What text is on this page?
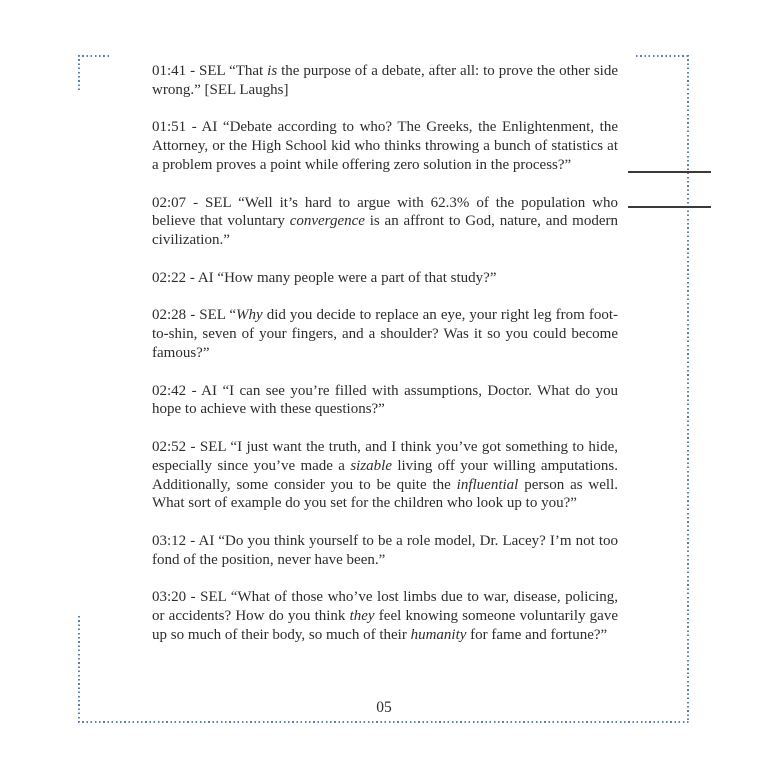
01:41 - SEL “That is the purpose of a debate, after all: to prove the other side wrong.” [SEL Laughs]

01:51 - AI “Debate according to who? The Greeks, the Enlightenment, the Attorney, or the High School kid who thinks throwing a bunch of statistics at a problem proves a point while offering zero solution in the process?”

02:07 - SEL “Well it’s hard to argue with 62.3% of the population who believe that voluntary convergence is an affront to God, nature, and modern civilization.”

02:22 - AI “How many people were a part of that study?”

02:28 - SEL “Why did you decide to replace an eye, your right leg from foot-to-shin, seven of your fingers, and a shoulder? Was it so you could become famous?”

02:42 - AI “I can see you’re filled with assumptions, Doctor. What do you hope to achieve with these questions?”

02:52 - SEL “I just want the truth, and I think you’ve got something to hide, especially since you’ve made a sizable living off your willing amputations. Additionally, some consider you to be quite the influential person as well. What sort of example do you set for the children who look up to you?”

03:12 - AI “Do you think yourself to be a role model, Dr. Lacey? I’m not too fond of the position, never have been.”

03:20 - SEL “What of those who’ve lost limbs due to war, disease, policing, or accidents? How do you think they feel knowing someone voluntarily gave up so much of their body, so much of their humanity for fame and fortune?”

05
